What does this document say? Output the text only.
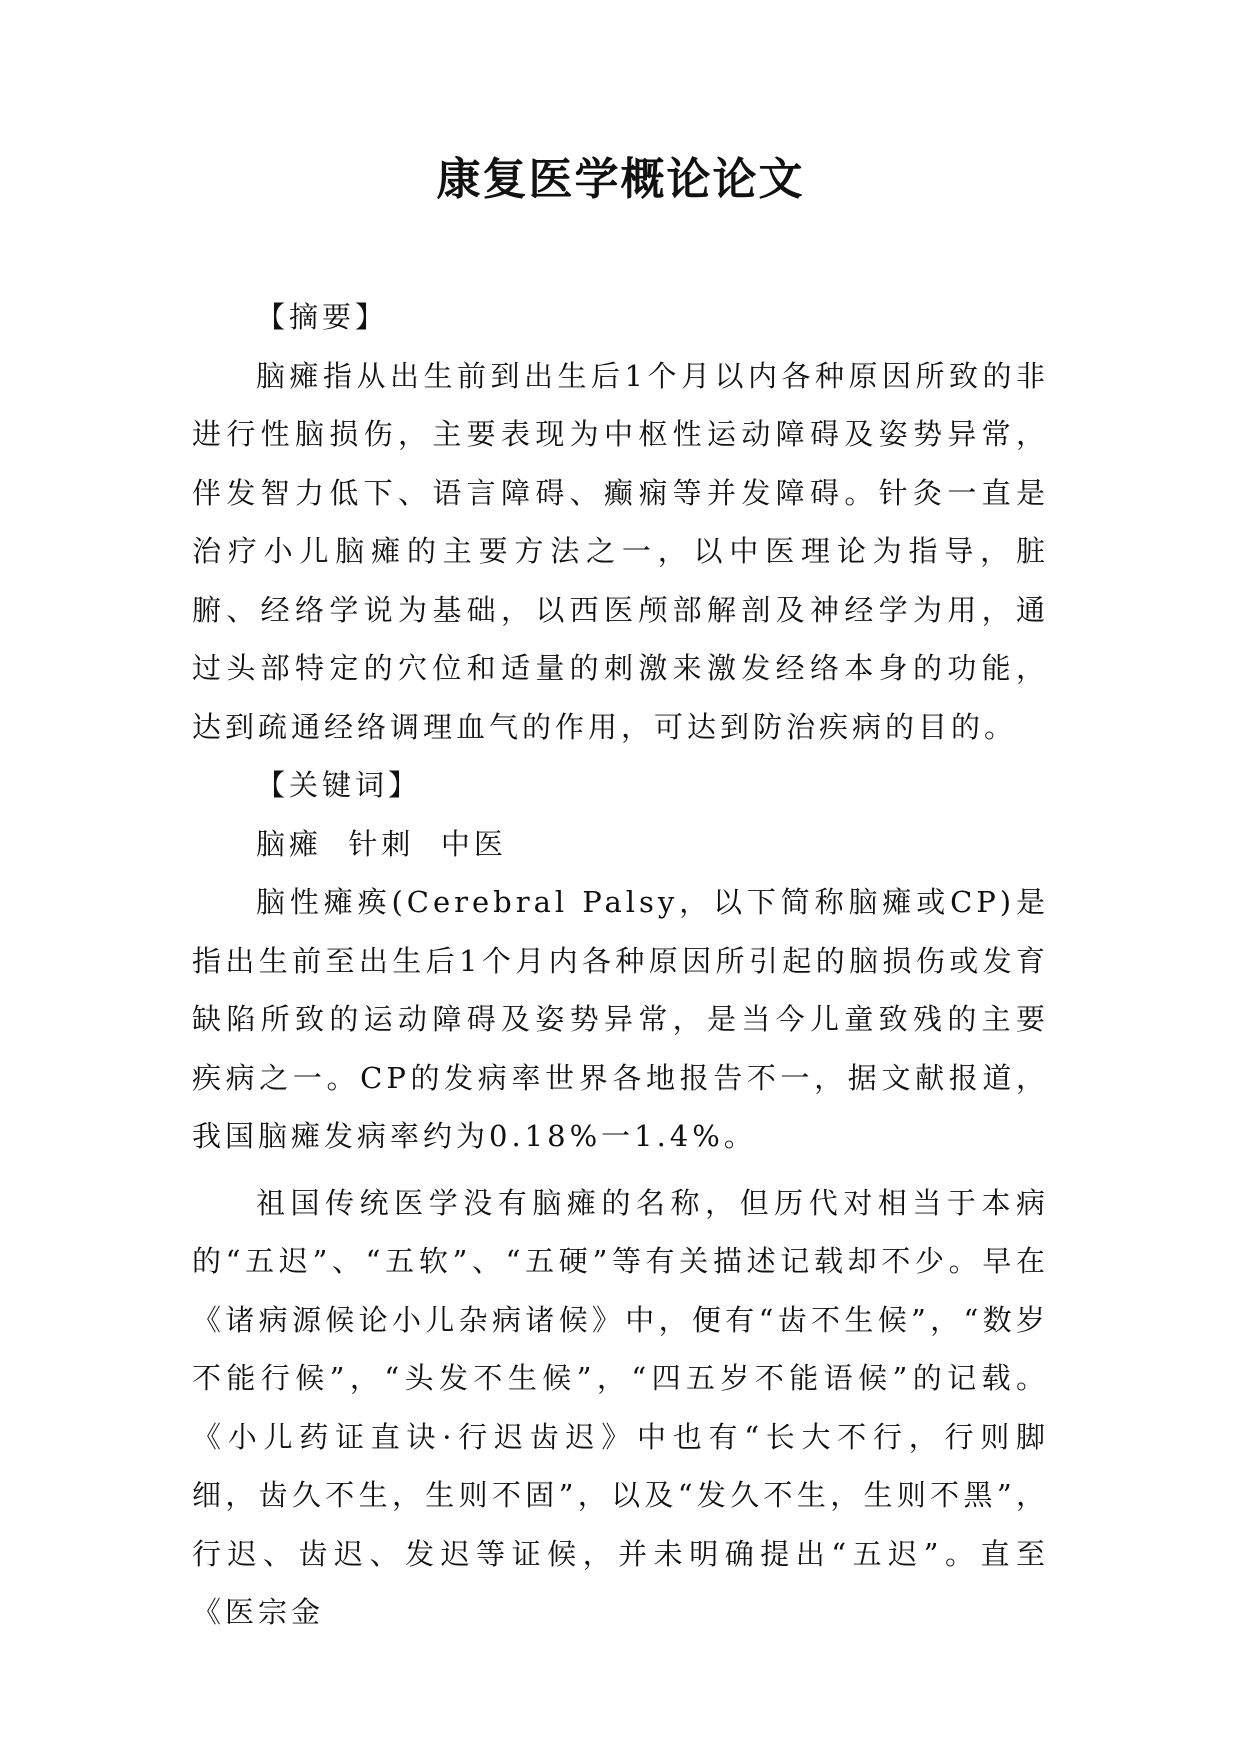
康复医学概论论文

【摘要】

脑瘫指从出生前到出生后1个月以内各种原因所致的非进行性脑损伤，主要表现为中枢性运动障碍及姿势异常，伴发智力低下、语言障碍、癫痫等并发障碍。针灸一直是治疗小儿脑瘫的主要方法之一，以中医理论为指导，脏腑、经络学说为基础，以西医颅部解剖及神经学为用，通过头部特定的穴位和适量的刺激来激发经络本身的功能，达到疏通经络调理血气的作用，可达到防治疾病的目的。

【关键词】

脑瘫  针刺  中医

脑性瘫痪(Cerebral Palsy，以下简称脑瘫或CP)是指出生前至出生后1个月内各种原因所引起的脑损伤或发育缺陷所致的运动障碍及姿势异常，是当今儿童致残的主要疾病之一。CP的发病率世界各地报告不一，据文献报道，我国脑瘫发病率约为0.18%一1.4%。

祖国传统医学没有脑瘫的名称，但历代对相当于本病的“五迟”、“五软”、“五硬”等有关描述记载却不少。早在《诸病源候论小儿杂病诸候》中，便有“齿不生候”，“数岁不能行候”，“头发不生候”，“四五岁不能语候”的记载。《小儿药证直诀·行迟齿迟》中也有“长大不行，行则脚细，齿久不生，生则不固”，以及“发久不生，生则不黑”，行迟、齿迟、发迟等证候，并未明确提出“五迟”。直至《医宗金
